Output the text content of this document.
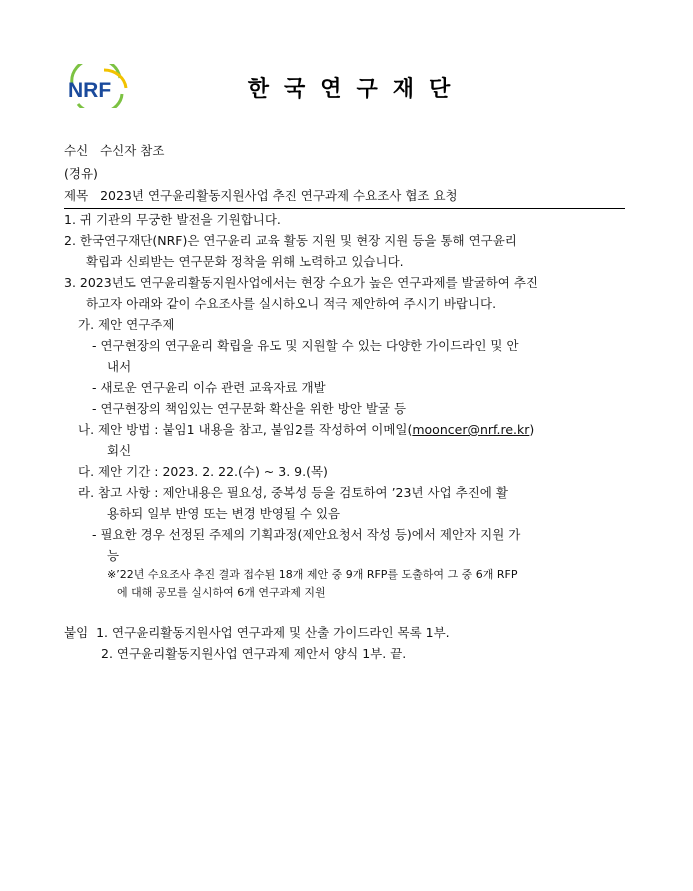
NRF	한국연구재단
수신 수신자 참조
(경유)
제목 2023년 연구윤리활동지원사업 추진 연구과제 수요조사 협조 요청
1. 귀 기관의 무궁한 발전을 기원합니다.
2. 한국연구재단(NRF)은 연구윤리 교육 활동 지원 및 현장 지원 등을 통해 연구윤리
확립과 신뢰받는 연구문화 정착을 위해 노력하고 있습니다.
3. 2023년도 연구윤리활동지원사업에서는 현장 수요가 높은 연구과제를 발굴하여 추진
하고자 아래와 같이 수요조사를 실시하오니 적극 제안하여 주시기 바랍니다.
가. 제안 연구주제
- 연구현장의 연구윤리 확립을 유도 및 지원할 수 있는 다양한 가이드라인 및 안
내서
- 새로운 연구윤리 이슈 관련 교육자료 개발
- 연구현장의 책임있는 연구문화 확산을 위한 방안 발굴 등
나. 제안 방법 : 붙임1 내용을 참고, 붙임2를 작성하여 이메일(mooncer@nrf.re.kr)
회신
다. 제안 기간 : 2023. 2. 22.(수) ~ 3. 9.(목)
라. 참고 사항 : 제안내용은 필요성, 중복성 등을 검토하여 ’23년 사업 추진에 활
용하되 일부 반영 또는 변경 반영될 수 있음
- 필요한 경우 선정된 주제의 기획과정(제안요청서 작성 등)에서 제안자 지원 가
능
※’22년 수요조사 추진 결과 접수된 18개 제안 중 9개 RFP를 도출하여 그 중 6개 RFP
에 대해 공모를 실시하여 6개 연구과제 지원
붙임 1. 연구윤리활동지원사업 연구과제 및 산출 가이드라인 목록 1부.
2. 연구윤리활동지원사업 연구과제 제안서 양식 1부. 끝.
